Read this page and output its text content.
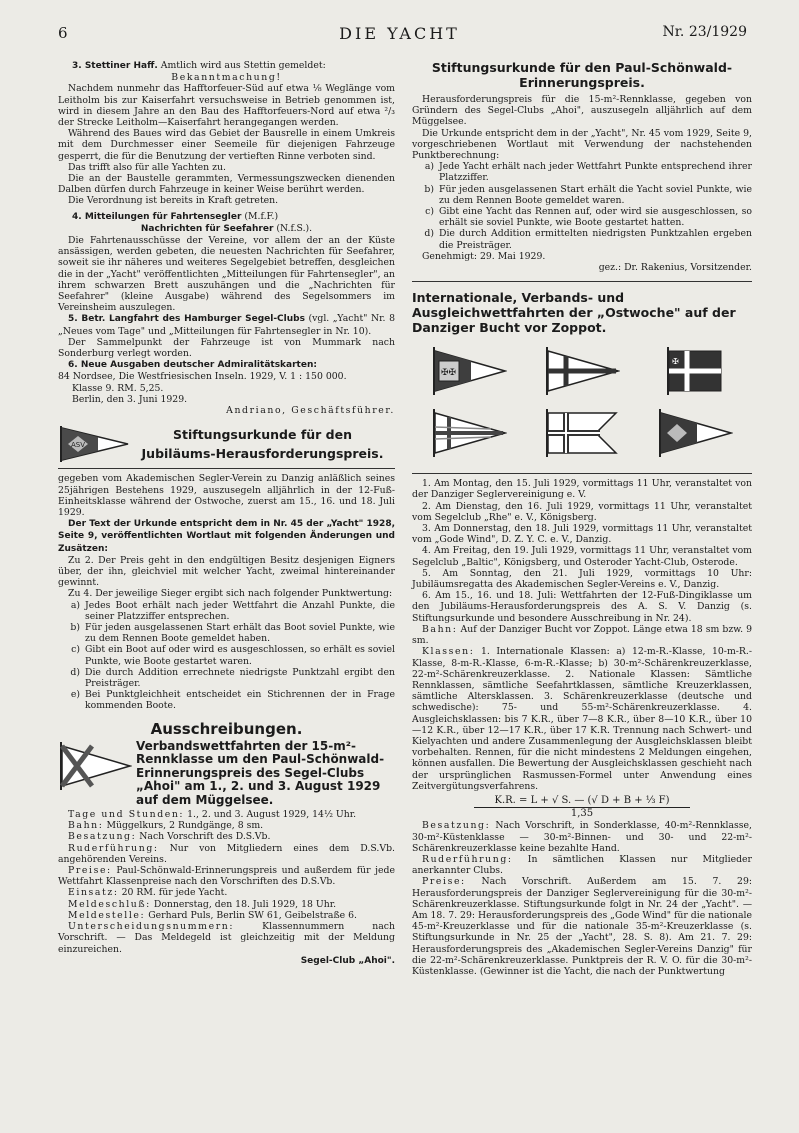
6	DIE YACHT	Nr. 23/1929

3. Stettiner Haff. Amtlich wird aus Stettin gemeldet:

Bekanntmachung!

Nachdem nunmehr das Hafftorfeuer-Süd auf etwa ⅛ Weglänge vom Leitholm bis zur Kaiserfahrt versuchsweise in Betrieb genommen ist, wird in diesem Jahre an den Bau des Hafftorfeuers-Nord auf etwa ²/₃ der Strecke Leitholm—Kaiserfahrt herangegangen werden.

Während des Baues wird das Gebiet der Bausrelle in einem Umkreis mit dem Durchmesser einer Seemeile für diejenigen Fahrzeuge gesperrt, die für die Benutzung der vertieften Rinne verboten sind.

Das trifft also für alle Yachten zu.

Die an der Baustelle gerammten, Vermessungszwecken dienenden Dalben dürfen durch Fahrzeuge in keiner Weise berührt werden.

Die Verordnung ist bereits in Kraft getreten.

4. Mitteilungen für Fahrtensegler (M.f.F.)

Nachrichten für Seefahrer (N.f.S.).

Die Fahrtenausschüsse der Vereine, vor allem der an der Küste ansässigen, werden gebeten, die neuesten Nachrichten für Seefahrer, soweit sie ihr näheres und weiteres Segelgebiet betreffen, desgleichen die in der „Yacht" veröffentlichten „Mitteilungen für Fahrtensegler", an ihrem schwarzen Brett auszuhängen und die „Nachrichten für Seefahrer" (kleine Ausgabe) während des Segelsommers im Vereinsheim auszulegen.

5. Betr. Langfahrt des Hamburger Segel-Clubs (vgl. „Yacht" Nr. 8 „Neues vom Tage" und „Mitteilungen für Fahrtensegler in Nr. 10).

Der Sammelpunkt der Fahrzeuge ist von Mummark nach Sonderburg verlegt worden.

6. Neue Ausgaben deutscher Admiralitätskarten:

84 Nordsee, Die Westfriesischen Inseln. 1929, V. 1 : 150 000.

Klasse 9. RM. 5,25.

Berlin, den 3. Juni 1929.

Andriano, Geschäftsführer.

ASV
Stiftungsurkunde für den
Jubiläums-Herausforderungspreis.

gegeben vom Akademischen Segler-Verein zu Danzig anläßlich seines 25jährigen Bestehens 1929, auszusegeln alljährlich in der 12-Fuß-Einheitsklasse während der Ostwoche, zuerst am 15., 16. und 18. Juli 1929.

Der Text der Urkunde entspricht dem in Nr. 45 der „Yacht" 1928, Seite 9, veröffentlichten Wortlaut mit folgenden Änderungen und Zusätzen:

Zu 2. Der Preis geht in den endgültigen Besitz desjenigen Eigners über, der ihn, gleichviel mit welcher Yacht, zweimal hintereinander gewinnt.

Zu 4. Der jeweilige Sieger ergibt sich nach folgender Punktwertung:

a) Jedes Boot erhält nach jeder Wettfahrt die Anzahl Punkte, die seiner Platzziffer entsprechen.
b) Für jeden ausgelassenen Start erhält das Boot soviel Punkte, wie zu dem Rennen Boote gemeldet haben.
c) Gibt ein Boot auf oder wird es ausgeschlossen, so erhält es soviel Punkte, wie Boote gestartet waren.
d) Die durch Addition errechnete niedrigste Punktzahl ergibt den Preisträger.
e) Bei Punktgleichheit entscheidet ein Stichrennen der in Frage kommenden Boote.
Ausschreibungen.
Verbandswettfahrten der 15-m²-Rennklasse um den Paul-Schönwald-Erinnerungspreis des Segel-Clubs „Ahoi" am 1., 2. und 3. August 1929 auf dem Müggelsee.

Tage und Stunden: 1., 2. und 3. August 1929, 14½ Uhr.

Bahn: Müggelkurs, 2 Rundgänge, 8 sm.

Besatzung: Nach Vorschrift des D.S.Vb.

Ruderführung: Nur von Mitgliedern eines dem D.S.Vb. angehörenden Vereins.

Preise: Paul-Schönwald-Erinnerungspreis und außerdem für jede Wettfahrt Klassenpreise nach den Vorschriften des D.S.Vb.

Einsatz: 20 RM. für jede Yacht.

Meldeschluß: Donnerstag, den 18. Juli 1929, 18 Uhr.

Meldestelle: Gerhard Puls, Berlin SW 61, Geibelstraße 6.

Unterscheidungsnummern: Klassennummern nach Vorschrift. — Das Meldegeld ist gleichzeitig mit der Meldung einzureichen.

Segel-Club „Ahoi".

Stiftungsurkunde für den Paul-Schönwald-Erinnerungspreis.

Herausforderungspreis für die 15-m²-Rennklasse, gegeben von Gründern des Segel-Clubs „Ahoi", auszusegeln alljährlich auf dem Müggelsee.

Die Urkunde entspricht dem in der „Yacht", Nr. 45 vom 1929, Seite 9, vorgeschriebenen Wortlaut mit Verwendung der nachstehenden Punktberechnung:

a) Jede Yacht erhält nach jeder Wettfahrt Punkte entsprechend ihrer Platzziffer.
b) Für jeden ausgelassenen Start erhält die Yacht soviel Punkte, wie zu dem Rennen Boote gemeldet waren.
c) Gibt eine Yacht das Rennen auf, oder wird sie ausgeschlossen, so erhält sie soviel Punkte, wie Boote gestartet hatten.
d) Die durch Addition ermittelten niedrigsten Punktzahlen ergeben die Preisträger.

Genehmigt: 29. Mai 1929.

gez.: Dr. Rakenius, Vorsitzender.

Internationale, Verbands- und Ausgleichwettfahrten der „Ostwoche" auf der Danziger Bucht vor Zoppot.
✠✠
✠

1. Am Montag, den 15. Juli 1929, vormittags 11 Uhr, veranstaltet von der Danziger Seglervereinigung e. V.

2. Am Dienstag, den 16. Juli 1929, vormittags 11 Uhr, veranstaltet vom Segelclub „Rhe" e. V., Königsberg.

3. Am Donnerstag, den 18. Juli 1929, vormittags 11 Uhr, veranstaltet vom „Gode Wind", D. Z. Y. C. e. V., Danzig.

4. Am Freitag, den 19. Juli 1929, vormittags 11 Uhr, veranstaltet vom Segelclub „Baltic", Königsberg, und Osteroder Yacht-Club, Osterode.

5. Am Sonntag, den 21. Juli 1929, vormittags 10 Uhr: Jubiläumsregatta des Akademischen Segler-Vereins e. V., Danzig.

6. Am 15., 16. und 18. Juli: Wettfahrten der 12-Fuß-Dingiklasse um den Jubiläums-Herausforderungspreis des A. S. V. Danzig (s. Stiftungsurkunde und besondere Ausschreibung in Nr. 24).

Bahn: Auf der Danziger Bucht vor Zoppot. Länge etwa 18 sm bzw. 9 sm.

Klassen: 1. Internationale Klassen: a) 12-m-R.-Klasse, 10-m-R.-Klasse, 8-m-R.-Klasse, 6-m-R.-Klasse; b) 30-m²-Schärenkreuzerklasse, 22-m²-Schärenkreuzerklasse. 2. Nationale Klassen: Sämtliche Rennklassen, sämtliche Seefahrtklassen, sämtliche Kreuzerklassen, sämtliche Altersklassen. 3. Schärenkreuzerklasse (deutsche und schwedische): 75- und 55-m²-Schärenkreuzerklasse. 4. Ausgleichsklassen: bis 7 K.R., über 7—8 K.R., über 8—10 K.R., über 10—12 K.R., über 12—17 K.R., über 17 K.R. Trennung nach Schwert- und Kielyachten und andere Zusammenlegung der Ausgleichsklassen bleibt vorbehalten. Rennen, für die nicht mindestens 2 Meldungen eingehen, können ausfallen. Die Bewertung der Ausgleichsklassen geschieht nach der ursprünglichen Rasmussen-Formel unter Anwendung eines Zeitvergütungsverfahrens.

K.R. = L + √ S. — (√ D + B + ⅓ F)
1,35

Besatzung: Nach Vorschrift, in Sonderklasse, 40-m²-Rennklasse, 30-m²-Küstenklasse — 30-m²-Binnen- und 30- und 22-m²-Schärenkreuzerklasse keine bezahlte Hand.

Ruderführung: In sämtlichen Klassen nur Mitglieder anerkannter Clubs.

Preise: Nach Vorschrift. Außerdem am 15. 7. 29: Herausforderungspreis der Danziger Seglervereinigung für die 30-m²-Schärenkreuzerklasse. Stiftungsurkunde folgt in Nr. 24 der „Yacht". — Am 18. 7. 29: Herausforderungspreis des „Gode Wind" für die nationale 45-m²-Kreuzerklasse und für die nationale 35-m²-Kreuzerklasse (s. Stiftungsurkunde in Nr. 25 der „Yacht", 28. S. 8). Am 21. 7. 29: Herausforderungspreis des „Akademischen Segler-Vereins Danzig" für die 22-m²-Schärenkreuzerklasse. Punktpreis der R. V. O. für die 30-m²-Küstenklasse. (Gewinner ist die Yacht, die nach der Punktwertung
